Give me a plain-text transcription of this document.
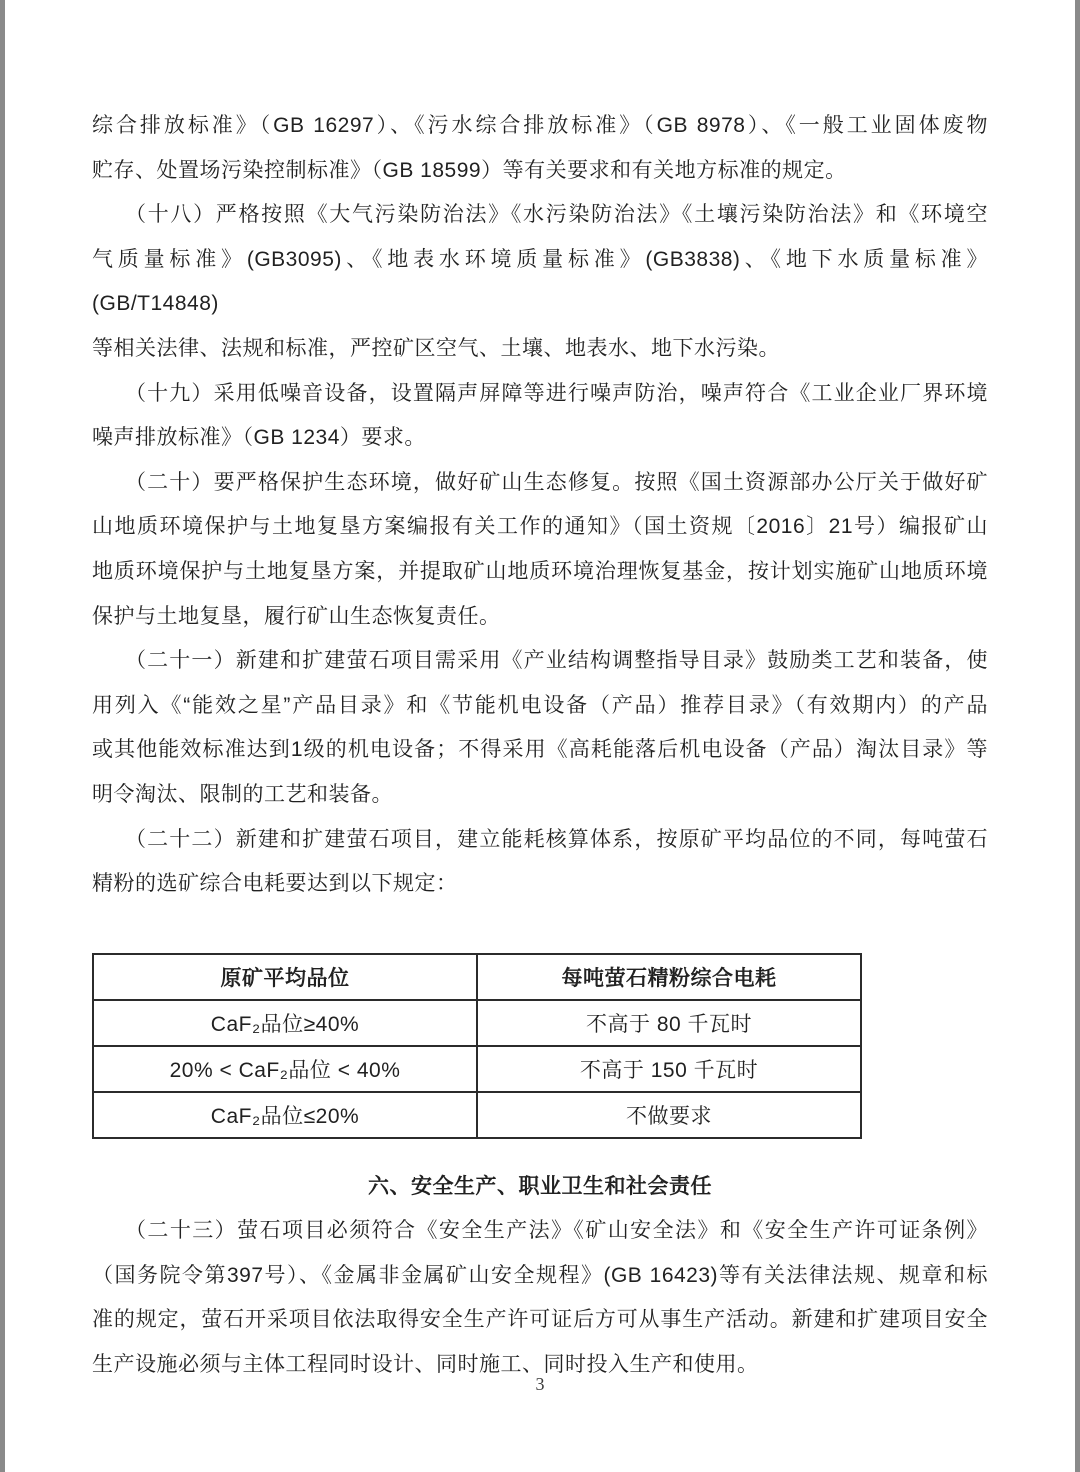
综合排放标准》（GB 16297）、《污水综合排放标准》（GB 8978）、《一般工业固体废物
贮存、处置场污染控制标准》（GB 18599）等有关要求和有关地方标准的规定。
（十八）严格按照《大气污染防治法》《水污染防治法》《土壤污染防治法》和《环境空
气质量标准》(GB3095)、《地表水环境质量标准》(GB3838)、《地下水质量标准》(GB/T14848)
等相关法律、法规和标准，严控矿区空气、土壤、地表水、地下水污染。
（十九）采用低噪音设备，设置隔声屏障等进行噪声防治，噪声符合《工业企业厂界环境
噪声排放标准》（GB 1234）要求。
（二十）要严格保护生态环境，做好矿山生态修复。按照《国土资源部办公厅关于做好矿
山地质环境保护与土地复垦方案编报有关工作的通知》（国土资规〔2016〕21号）编报矿山
地质环境保护与土地复垦方案，并提取矿山地质环境治理恢复基金，按计划实施矿山地质环境
保护与土地复垦，履行矿山生态恢复责任。
（二十一）新建和扩建萤石项目需采用《产业结构调整指导目录》鼓励类工艺和装备，使
用列入《“能效之星”产品目录》和《节能机电设备（产品）推荐目录》（有效期内）的产品
或其他能效标准达到1级的机电设备；不得采用《高耗能落后机电设备（产品）淘汰目录》等
明令淘汰、限制的工艺和装备。
（二十二）新建和扩建萤石项目，建立能耗核算体系，按原矿平均品位的不同，每吨萤石
精粉的选矿综合电耗要达到以下规定：
原矿平均品位	每吨萤石精粉综合电耗
CaF₂品位≥40%	不高于 80 千瓦时
20% < CaF₂品位 < 40%	不高于 150 千瓦时
CaF₂品位≤20%	不做要求
六、安全生产、职业卫生和社会责任
（二十三）萤石项目必须符合《安全生产法》《矿山安全法》和《安全生产许可证条例》
（国务院令第397号）、《金属非金属矿山安全规程》(GB 16423)等有关法律法规、规章和标
准的规定，萤石开采项目依法取得安全生产许可证后方可从事生产活动。新建和扩建项目安全
生产设施必须与主体工程同时设计、同时施工、同时投入生产和使用。
3
